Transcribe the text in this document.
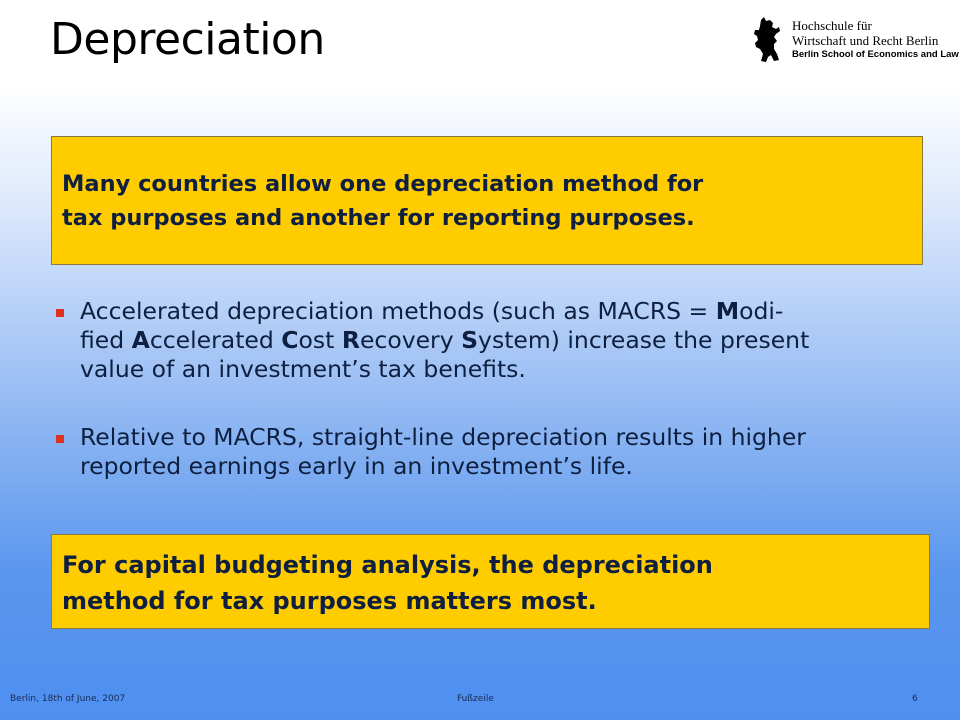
Depreciation	Hochschule für
Wirtschaft und Recht Berlin
Berlin School of Economics and Law
Many countries allow one depreciation method for
tax purposes and another for reporting purposes.
Accelerated depreciation methods (such as MACRS = Modi-
fied Accelerated Cost Recovery System) increase the present
value of an investment’s tax benefits.
Relative to MACRS, straight-line depreciation results in higher
reported earnings early in an investment’s life.
For capital budgeting analysis, the depreciation
method for tax purposes matters most.
Berlin, 18th of June, 2007	Fußzeile	6
